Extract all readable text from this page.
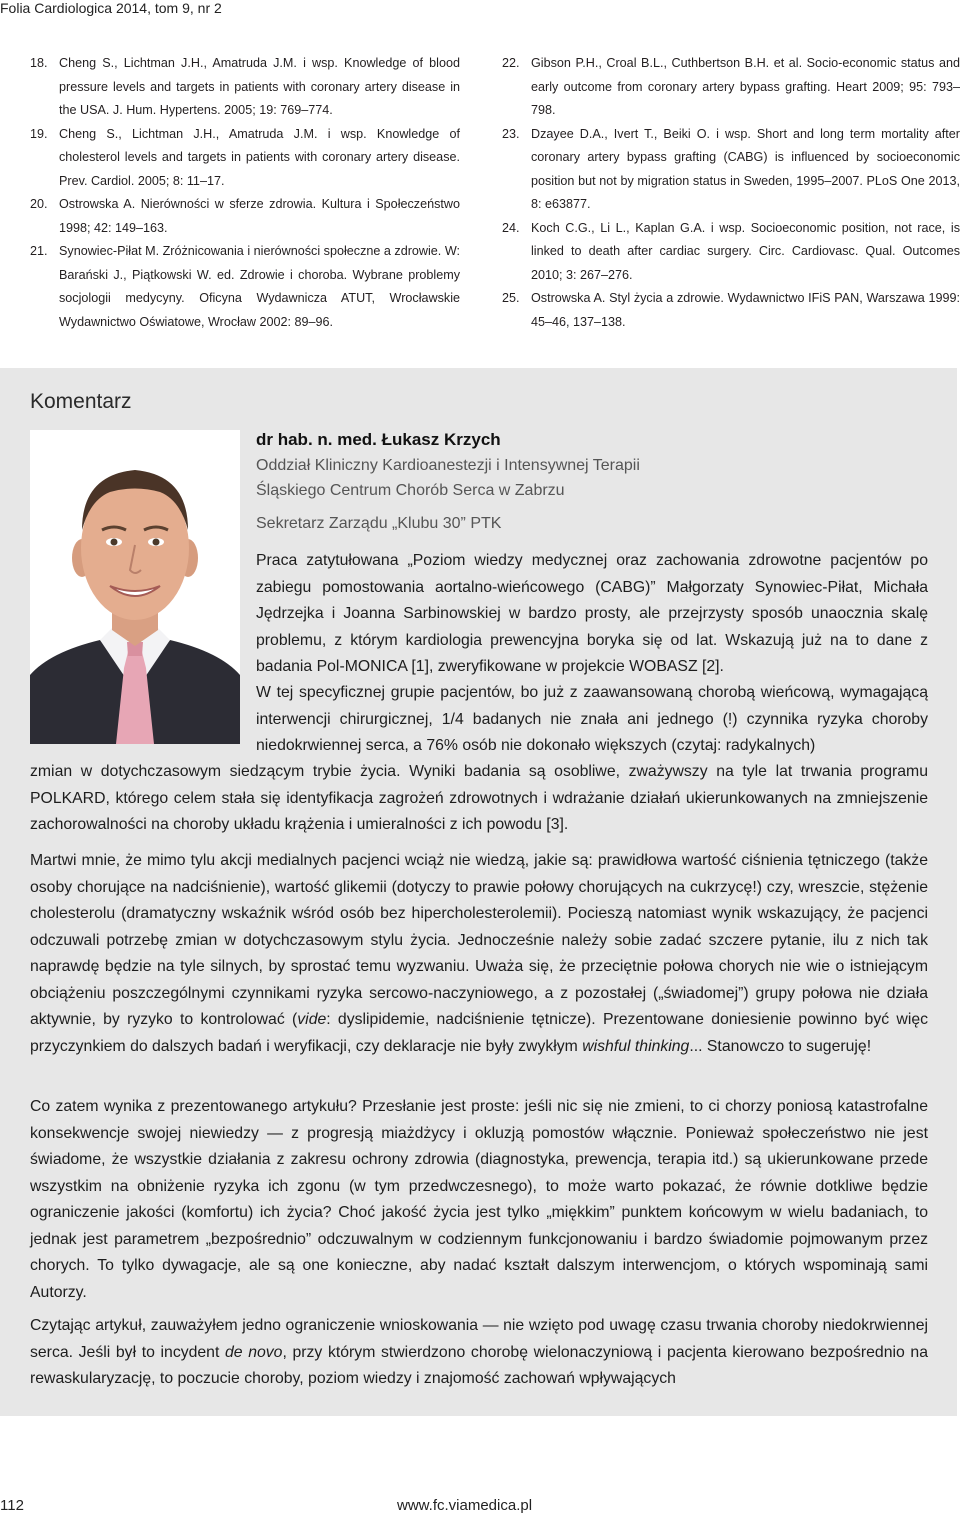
Folia Cardiologica 2014, tom 9, nr 2
18. Cheng S., Lichtman J.H., Amatruda J.M. i wsp. Knowledge of blood pressure levels and targets in patients with coronary artery disease in the USA. J. Hum. Hypertens. 2005; 19: 769–774.
19. Cheng S., Lichtman J.H., Amatruda J.M. i wsp. Knowledge of cholesterol levels and targets in patients with coronary artery disease. Prev. Cardiol. 2005; 8: 11–17.
20. Ostrowska A. Nierówności w sferze zdrowia. Kultura i Społeczeństwo 1998; 42: 149–163.
21. Synowiec-Piłat M. Zróżnicowania i nierówności społeczne a zdrowie. W: Barański J., Piątkowski W. ed. Zdrowie i choroba. Wybrane problemy socjologii medycyny. Oficyna Wydawnicza ATUT, Wrocławskie Wydawnictwo Oświatowe, Wrocław 2002: 89–96.
22. Gibson P.H., Croal B.L., Cuthbertson B.H. et al. Socio-economic status and early outcome from coronary artery bypass grafting. Heart 2009; 95: 793–798.
23. Dzayee D.A., Ivert T., Beiki O. i wsp. Short and long term mortality after coronary artery bypass grafting (CABG) is influenced by socioeconomic position but not by migration status in Sweden, 1995–2007. PLoS One 2013, 8: e63877.
24. Koch C.G., Li L., Kaplan G.A. i wsp. Socioeconomic position, not race, is linked to death after cardiac surgery. Circ. Cardiovasc. Qual. Outcomes 2010; 3: 267–276.
25. Ostrowska A. Styl życia a zdrowie. Wydawnictwo IFiS PAN, Warszawa 1999: 45–46, 137–138.
Komentarz
dr hab. n. med. Łukasz Krzych
Oddział Kliniczny Kardioanestezji i Intensywnej Terapii
Śląskiego Centrum Chorób Serca w Zabrzu
Sekretarz Zarządu „Klubu 30” PTK
Praca zatytułowana „Poziom wiedzy medycznej oraz zachowania zdrowotne pacjentów po zabiegu pomostowania aortalno-wieńcowego (CABG)” Małgorzaty Synowiec-Piłat, Michała Jędrzejka i Joanna Sarbinowskiej w bardzo prosty, ale przejrzysty sposób unaocznia skalę problemu, z którym kardiologia prewencyjna boryka się od lat. Wskazują już na to dane z badania Pol-MONICA [1], zweryfikowane w projekcie WOBASZ [2].
W tej specyficznej grupie pacjentów, bo już z zaawansowaną chorobą wieńcową, wymagającą interwencji chirurgicznej, 1/4 badanych nie znała ani jednego (!) czynnika ryzyka choroby niedokrwiennej serca, a 76% osób nie dokonało większych (czytaj: radykalnych)
zmian w dotychczasowym siedzącym trybie życia. Wyniki badania są osobliwe, zważywszy na tyle lat trwania programu POLKARD, którego celem stała się identyfikacja zagrożeń zdrowotnych i wdrażanie działań ukierunkowanych na zmniejszenie zachorowalności na choroby układu krążenia i umieralności z ich powodu [3].
Martwi mnie, że mimo tylu akcji medialnych pacjenci wciąż nie wiedzą, jakie są: prawidłowa wartość ciśnienia tętniczego (także osoby chorujące na nadciśnienie), wartość glikemii (dotyczy to prawie połowy chorujących na cukrzycę!) czy, wreszcie, stężenie cholesterolu (dramatyczny wskaźnik wśród osób bez hipercholesterolemii). Pocieszą natomiast wynik wskazujący, że pacjenci odczuwali potrzebę zmian w dotychczasowym stylu życia. Jednocześnie należy sobie zadać szczere pytanie, ilu z nich tak naprawdę będzie na tyle silnych, by sprostać temu wyzwaniu. Uważa się, że przeciętnie połowa chorych nie wie o istniejącym obciążeniu poszczególnymi czynnikami ryzyka sercowo-naczyniowego, a z pozostałej („świadomej”) grupy połowa nie działa aktywnie, by ryzyko to kontrolować (vide: dyslipidemie, nadciśnienie tętnicze). Prezentowane doniesienie powinno być więc przyczynkiem do dalszych badań i weryfikacji, czy deklaracje nie były zwykłym wishful thinking... Stanowczo to sugeruję!
Co zatem wynika z prezentowanego artykułu? Przesłanie jest proste: jeśli nic się nie zmieni, to ci chorzy poniosą katastrofalne konsekwencje swojej niewiedzy — z progresją miażdżycy i okluzją pomostów włącznie. Ponieważ społeczeństwo nie jest świadome, że wszystkie działania z zakresu ochrony zdrowia (diagnostyka, prewencja, terapia itd.) są ukierunkowane przede wszystkim na obniżenie ryzyka ich zgonu (w tym przedwczesnego), to może warto pokazać, że równie dotkliwe będzie ograniczenie jakości (komfortu) ich życia? Choć jakość życia jest tylko „miękkim” punktem końcowym w wielu badaniach, to jednak jest parametrem „bezpośrednio” odczuwalnym w codziennym funkcjonowaniu i bardzo świadomie pojmowanym przez chorych. To tylko dywagacje, ale są one konieczne, aby nadać kształt dalszym interwencjom, o których wspominają sami Autorzy.
Czytając artykuł, zauważyłem jedno ograniczenie wnioskowania — nie wzięto pod uwagę czasu trwania choroby niedokrwiennej serca. Jeśli był to incydent de novo, przy którym stwierdzono chorobę wielonaczyniową i pacjenta kierowano bezpośrednio na rewaskularyzację, to poczucie choroby, poziom wiedzy i znajomość zachowań wpływających
112	www.fc.viamedica.pl
